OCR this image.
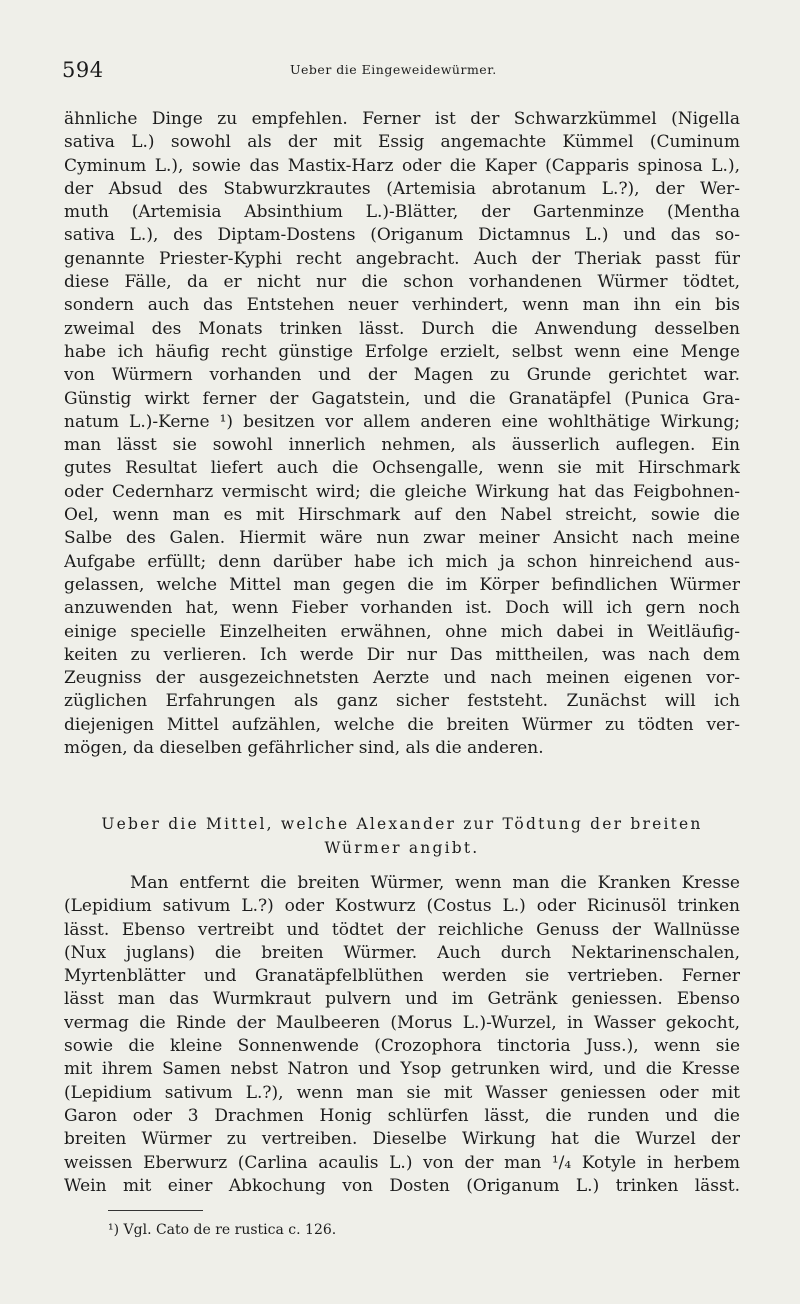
594	Ueber die Eingeweidewürmer.
ähnliche Dinge zu empfehlen. Ferner ist der Schwarzkümmel (Nigella
sativa L.) sowohl als der mit Essig angemachte Kümmel (Cuminum
Cyminum L.), sowie das Mastix-Harz oder die Kaper (Capparis spinosa L.),
der Absud des Stabwurzkrautes (Artemisia abrotanum L.?), der Wer-
muth (Artemisia Absinthium L.)-Blätter, der Gartenminze (Mentha
sativa L.), des Diptam-Dostens (Origanum Dictamnus L.) und das so-
genannte Priester-Kyphi recht angebracht. Auch der Theriak passt für
diese Fälle, da er nicht nur die schon vorhandenen Würmer tödtet,
sondern auch das Entstehen neuer verhindert, wenn man ihn ein bis
zweimal des Monats trinken lässt. Durch die Anwendung desselben
habe ich häufig recht günstige Erfolge erzielt, selbst wenn eine Menge
von Würmern vorhanden und der Magen zu Grunde gerichtet war.
Günstig wirkt ferner der Gagatstein, und die Granatäpfel (Punica Gra-
natum L.)-Kerne ¹) besitzen vor allem anderen eine wohlthätige Wirkung;
man lässt sie sowohl innerlich nehmen, als äusserlich auflegen. Ein
gutes Resultat liefert auch die Ochsengalle, wenn sie mit Hirschmark
oder Cedernharz vermischt wird; die gleiche Wirkung hat das Feigbohnen-
Oel, wenn man es mit Hirschmark auf den Nabel streicht, sowie die
Salbe des Galen. Hiermit wäre nun zwar meiner Ansicht nach meine
Aufgabe erfüllt; denn darüber habe ich mich ja schon hinreichend aus-
gelassen, welche Mittel man gegen die im Körper befindlichen Würmer
anzuwenden hat, wenn Fieber vorhanden ist. Doch will ich gern noch
einige specielle Einzelheiten erwähnen, ohne mich dabei in Weitläufig-
keiten zu verlieren. Ich werde Dir nur Das mittheilen, was nach dem
Zeugniss der ausgezeichnetsten Aerzte und nach meinen eigenen vor-
züglichen Erfahrungen als ganz sicher feststeht. Zunächst will ich
diejenigen Mittel aufzählen, welche die breiten Würmer zu tödten ver-
mögen, da dieselben gefährlicher sind, als die anderen.
Ueber die Mittel, welche Alexander zur Tödtung der breiten
Würmer angibt.
Man entfernt die breiten Würmer, wenn man die Kranken Kresse
(Lepidium sativum L.?) oder Kostwurz (Costus L.) oder Ricinusöl trinken
lässt. Ebenso vertreibt und tödtet der reichliche Genuss der Wallnüsse
(Nux juglans) die breiten Würmer. Auch durch Nektarinenschalen,
Myrtenblätter und Granatäpfelblüthen werden sie vertrieben. Ferner
lässt man das Wurmkraut pulvern und im Getränk geniessen. Ebenso
vermag die Rinde der Maulbeeren (Morus L.)-Wurzel, in Wasser gekocht,
sowie die kleine Sonnenwende (Crozophora tinctoria Juss.), wenn sie
mit ihrem Samen nebst Natron und Ysop getrunken wird, und die Kresse
(Lepidium sativum L.?), wenn man sie mit Wasser geniessen oder mit
Garon oder 3 Drachmen Honig schlürfen lässt, die runden und die
breiten Würmer zu vertreiben. Dieselbe Wirkung hat die Wurzel der
weissen Eberwurz (Carlina acaulis L.) von der man ¹/₄ Kotyle in herbem
Wein mit einer Abkochung von Dosten (Origanum L.) trinken lässt.
¹) Vgl. Cato de re rustica c. 126.
